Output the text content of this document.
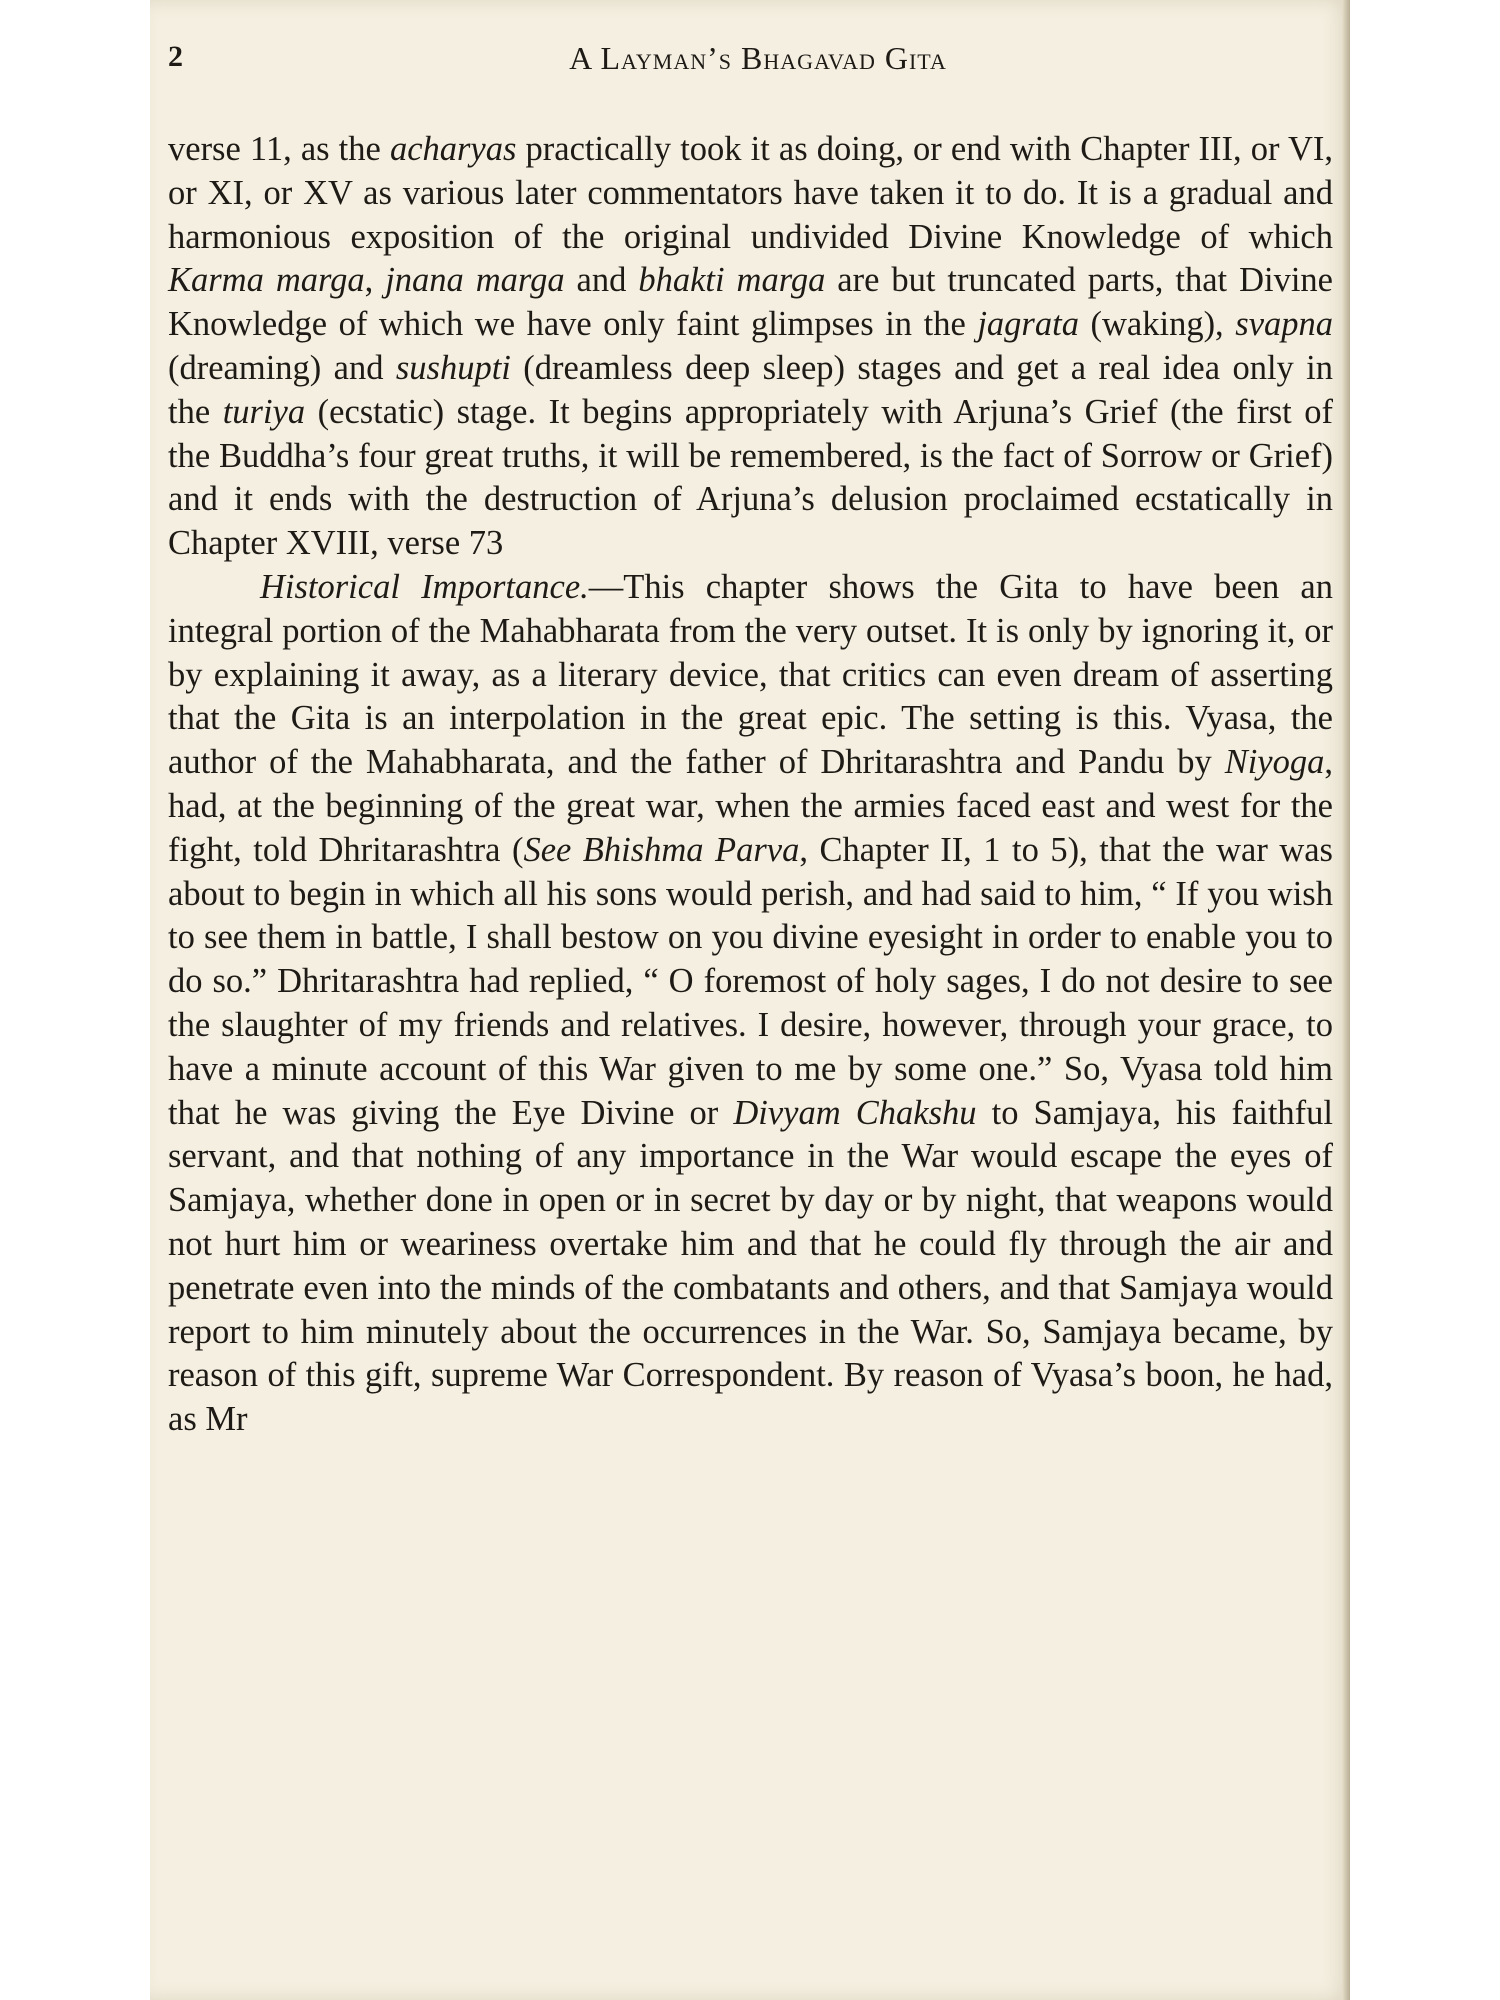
2	A Layman’s Bhagavad Gita

verse 11, as the acharyas practically took it as doing, or end with Chapter III, or VI, or XI, or XV as various later commentators have taken it to do. It is a gradual and harmonious exposition of the original undivided Divine Knowledge of which Karma marga, jnana marga and bhakti marga are but truncated parts, that Divine Knowledge of which we have only faint glimpses in the jagrata (waking), svapna (dreaming) and sushupti (dreamless deep sleep) stages and get a real idea only in the turiya (ecstatic) stage. It begins appropriately with Arjuna’s Grief (the first of the Buddha’s four great truths, it will be remembered, is the fact of Sorrow or Grief) and it ends with the destruction of Arjuna’s delusion proclaimed ecstatically in Chapter XVIII, verse 73

Historical Importance.—This chapter shows the Gita to have been an integral portion of the Mahabharata from the very outset. It is only by ignoring it, or by explaining it away, as a literary device, that critics can even dream of asserting that the Gita is an interpolation in the great epic. The setting is this. Vyasa, the author of the Mahabharata, and the father of Dhritarashtra and Pandu by Niyoga, had, at the beginning of the great war, when the armies faced east and west for the fight, told Dhritarashtra (See Bhishma Parva, Chapter II, 1 to 5), that the war was about to begin in which all his sons would perish, and had said to him, “ If you wish to see them in battle, I shall bestow on you divine eyesight in order to enable you to do so.” Dhritarashtra had replied, “ O foremost of holy sages, I do not desire to see the slaughter of my friends and relatives. I desire, however, through your grace, to have a minute account of this War given to me by some one.” So, Vyasa told him that he was giving the Eye Divine or Divyam Chakshu to Samjaya, his faithful servant, and that nothing of any importance in the War would escape the eyes of Samjaya, whether done in open or in secret by day or by night, that weapons would not hurt him or weariness overtake him and that he could fly through the air and penetrate even into the minds of the combatants and others, and that Samjaya would report to him minutely about the occurrences in the War. So, Samjaya became, by reason of this gift, supreme War Correspondent. By reason of Vyasa’s boon, he had, as Mr
